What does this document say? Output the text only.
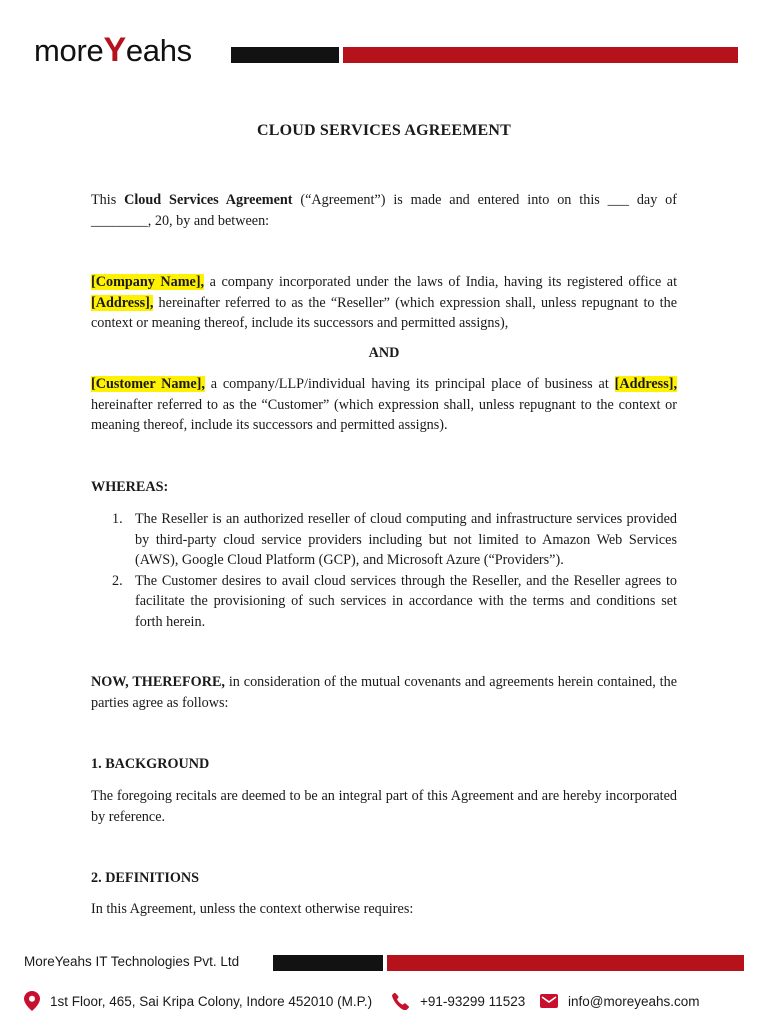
moreYeahs
CLOUD SERVICES AGREEMENT

This Cloud Services Agreement (“Agreement”) is made and entered into on this ___ day of ________, 20, by and between:

[Company Name], a company incorporated under the laws of India, having its registered office at [Address], hereinafter referred to as the “Reseller” (which expression shall, unless repugnant to the context or meaning thereof, include its successors and permitted assigns),

AND

[Customer Name], a company/LLP/individual having its principal place of business at [Address], hereinafter referred to as the “Customer” (which expression shall, unless repugnant to the context or meaning thereof, include its successors and permitted assigns).

WHEREAS:
1. The Reseller is an authorized reseller of cloud computing and infrastructure services provided by third-party cloud service providers including but not limited to Amazon Web Services (AWS), Google Cloud Platform (GCP), and Microsoft Azure (“Providers”).
2. The Customer desires to avail cloud services through the Reseller, and the Reseller agrees to facilitate the provisioning of such services in accordance with the terms and conditions set forth herein.

NOW, THEREFORE, in consideration of the mutual covenants and agreements herein contained, the parties agree as follows:

1. BACKGROUND

The foregoing recitals are deemed to be an integral part of this Agreement and are hereby incorporated by reference.

2. DEFINITIONS

In this Agreement, unless the context otherwise requires:

MoreYeahs IT Technologies Pvt. Ltd
1st Floor, 465, Sai Kripa Colony, Indore 452010 (M.P.)	+91-93299 11523	info@moreyeahs.com
